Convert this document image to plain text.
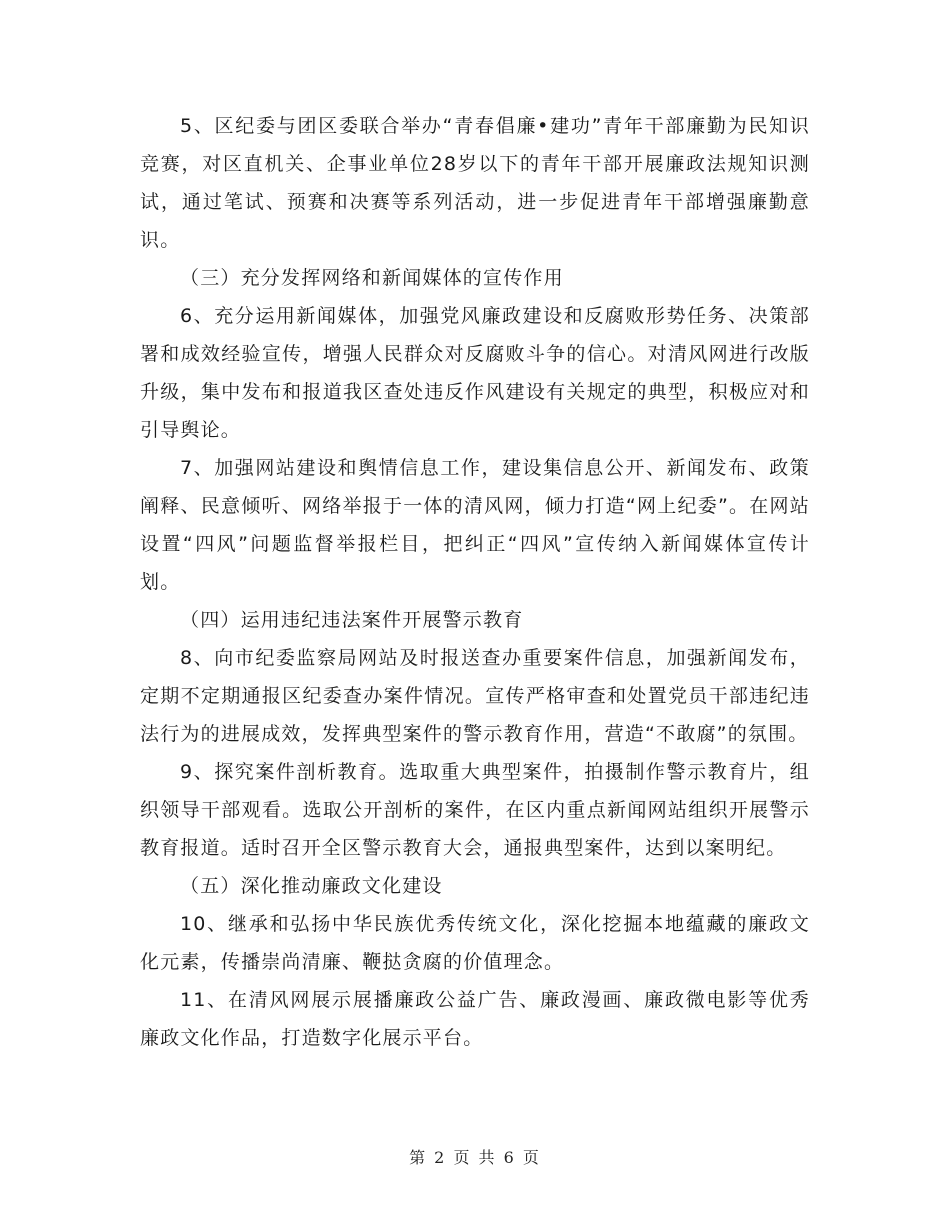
5、区纪委与团区委联合举办“青春倡廉•建功”青年干部廉勤为民知识竞赛，对区直机关、企事业单位28岁以下的青年干部开展廉政法规知识测试，通过笔试、预赛和决赛等系列活动，进一步促进青年干部增强廉勤意识。

（三）充分发挥网络和新闻媒体的宣传作用

6、充分运用新闻媒体，加强党风廉政建设和反腐败形势任务、决策部署和成效经验宣传，增强人民群众对反腐败斗争的信心。对清风网进行改版升级，集中发布和报道我区查处违反作风建设有关规定的典型，积极应对和引导舆论。

7、加强网站建设和舆情信息工作，建设集信息公开、新闻发布、政策阐释、民意倾听、网络举报于一体的清风网，倾力打造“网上纪委”。在网站设置“四风”问题监督举报栏目，把纠正“四风”宣传纳入新闻媒体宣传计划。

（四）运用违纪违法案件开展警示教育

8、向市纪委监察局网站及时报送查办重要案件信息，加强新闻发布，定期不定期通报区纪委查办案件情况。宣传严格审查和处置党员干部违纪违法行为的进展成效，发挥典型案件的警示教育作用，营造“不敢腐”的氛围。

9、探究案件剖析教育。选取重大典型案件，拍摄制作警示教育片，组织领导干部观看。选取公开剖析的案件，在区内重点新闻网站组织开展警示教育报道。适时召开全区警示教育大会，通报典型案件，达到以案明纪。

（五）深化推动廉政文化建设

10、继承和弘扬中华民族优秀传统文化，深化挖掘本地蕴藏的廉政文化元素，传播崇尚清廉、鞭挞贪腐的价值理念。

11、在清风网展示展播廉政公益广告、廉政漫画、廉政微电影等优秀廉政文化作品，打造数字化展示平台。

第 2 页 共 6 页
